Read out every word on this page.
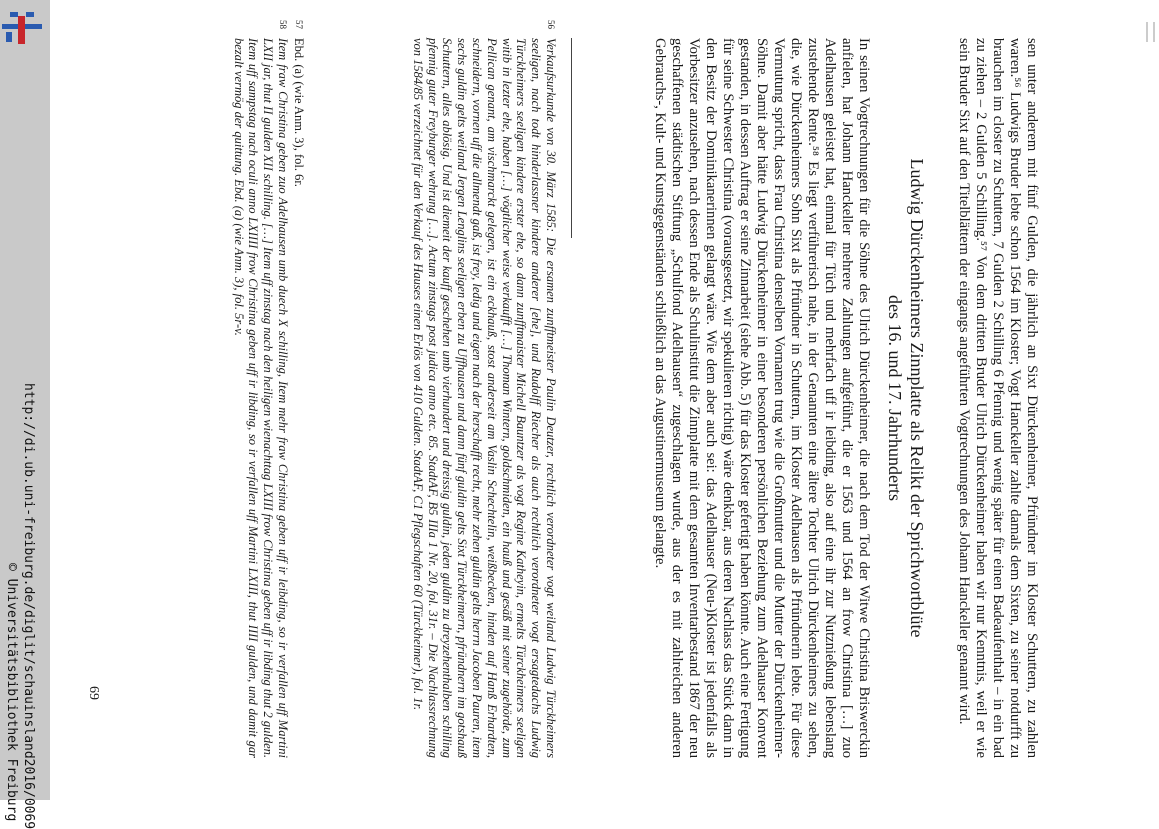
http://di.ub.uni-freiburg.de/diglit/schauinsland2016/0069
© Universitätsbibliothek Freiburg	sen unter anderem mit fünf Gulden, die jährlich an Sixt Dürckenheimer, Pfründner im Kloster Schuttern, zu zahlen waren.⁵⁶ Ludwigs Bruder lebte schon 1564 im Kloster; Vogt Hanckeller zahlte damals dem Sixten, zu seiner notdurfft zu brauchen im closter zu Schuttern, 7 Gulden 2 Schilling 6 Pfennig und wenig später für einen Badeaufenthalt – in ein bad zu ziehen – 2 Gulden 5 Schilling.⁵⁷ Von dem dritten Bruder Ulrich Dürckenheimer haben wir nur Kenntnis, weil er wie sein Bruder Sixt auf den Titelblättern der eingangs angeführten Vogtrechnungen des Johann Hanckeller genannt wird.

Ludwig Dürckenheimers Zinnplatte als Relikt der Sprichwortblüte
des 16. und 17. Jahrhunderts

In seinen Vogtrechnungen für die Söhne des Ulrich Dürckenheimer, die nach dem Tod der Witwe Christina Briswerckin anfielen, hat Johann Hanckeller mehrere Zahlungen aufgeführt, die er 1563 und 1564 an frow Christina […] zuo Adelhausen geleistet hat, einmal für Tüch und mehrfach uff ir leibding, also auf eine ihr zur Nutznießung lebenslang zustehende Rente.⁵⁸ Es liegt verführerisch nahe, in der Genannten eine ältere Tochter Ulrich Dürckenheimers zu sehen, die, wie Dürckenheimers Sohn Sixt als Pfründner in Schuttern, im Kloster Adelhausen als Pfründnerin lebte. Für diese Vermutung spricht, dass Frau Christina denselben Vornamen trug wie die Großmutter und die Mutter der Dürckenheimer-Söhne. Damit aber hätte Ludwig Dürckenheimer in einer besonderen persönlichen Beziehung zum Adelhauser Konvent gestanden, in dessen Auftrag er seine Zinnarbeit (siehe Abb. 5) für das Kloster gefertigt haben könnte. Auch eine Fertigung für seine Schwester Christina (vorausgesetzt, wir spekulieren richtig) wäre denkbar, aus deren Nachlass das Stück dann in den Besitz der Dominikanerinnen gelangt wäre. Wie dem aber auch sei: das Adelhauser (Neu-)Kloster ist jedenfalls als Vorbesitzer anzusehen, nach dessen Ende als Schulinstitut die Zinnplatte mit dem gesamten Inventarbestand 1867 der neu geschaffenen städtischen Stiftung „Schulfond Adelhausen“ zugeschlagen wurde, aus der es mit zahlreichen anderen Gebrauchs-, Kult- und Kunstgegenständen schließlich an das Augustinermuseum gelangte.

56
Verkaufsurkunde von 30. März 1585: Die ersamen zunfftmeister Paulin Deutzer, rechtlich verordneter vogt weiland Ludwig Türckheimers seeligen, nach todt hinderlassner kindere anderer [ehe], und Rudolff Riecher als auch rechtlich verordneter vogt ersagtedachs Ludwig Türckheimers seeligen kindere erster ehe, so dann zunfftmaister Michell Bauntzer als vogt Regine Katheyin, ermelts Türckheimers seeligen witib in lezter ehe, haben […] vögtlicher weise verkaufft […] Thoman Wintern, goldschmiden, ein hauß und gesäß mit seiner zugehörde, zum Pellican genant, am vischmarckt gelegen, ist ein eckhauß, stost anderseit am Vaslin Schechtelin, weißbecken, hinden auf Hanß Erhardten, schneidern, vornen uff die allmendt gaß, ist frey, ledig und eigen nach der herschafft recht, mehr zehen guldin gelts herrn Jacoben Pauren, item sechs guldin gelts weiland Jergen Lenglins seeligen erben zu Uffhausen und dann fünf guldin gelts Sixt Türckheimern, pfründnern im gotshauß Schuttern, alles ablösig. Und ist diemeit der kauff geschehen umb vierhundert und dreissig guldin, jeden guldin zu dreyzehenthalben schilling pfennig guter Freyburger wehrung […]. Actum zinstags post judica anno etc. 85. StadtAF, B5 IIIa 1 Nr. 20, fol. 31r. – Die Nachlassrechnung von 1584/85 verzeichnet für den Verkauf des Hauses einen Erlös von 410 Gulden. StadtAF, C1 Pflegschaften 60 (Türckheimer), fol. 1r.
57
Ebd. (a) (wie Anm. 3), fol. 6r.
58
Item fraw Christina geben zuo Adelhausen umb duech X schilling, Item mehr fraw Christina geben uff ir leibding, so ir verfallen uff Martini LXII jar, thut II gulden XII schilling. […] Item uff zinstag nach den heiligen wienachttag LXIII frow Christina geben uff ir libding thut 2 gulden. Item uff sampstag nach oculi anno LXIIII frow Christina geben uff ir libding, so ir verfallen uff Martini LXIII, thut IIII gulden, und damit gar bezalt vermög der quittung. Ebd. (a) (wie Anm. 3), fol. 5r-v.
69
